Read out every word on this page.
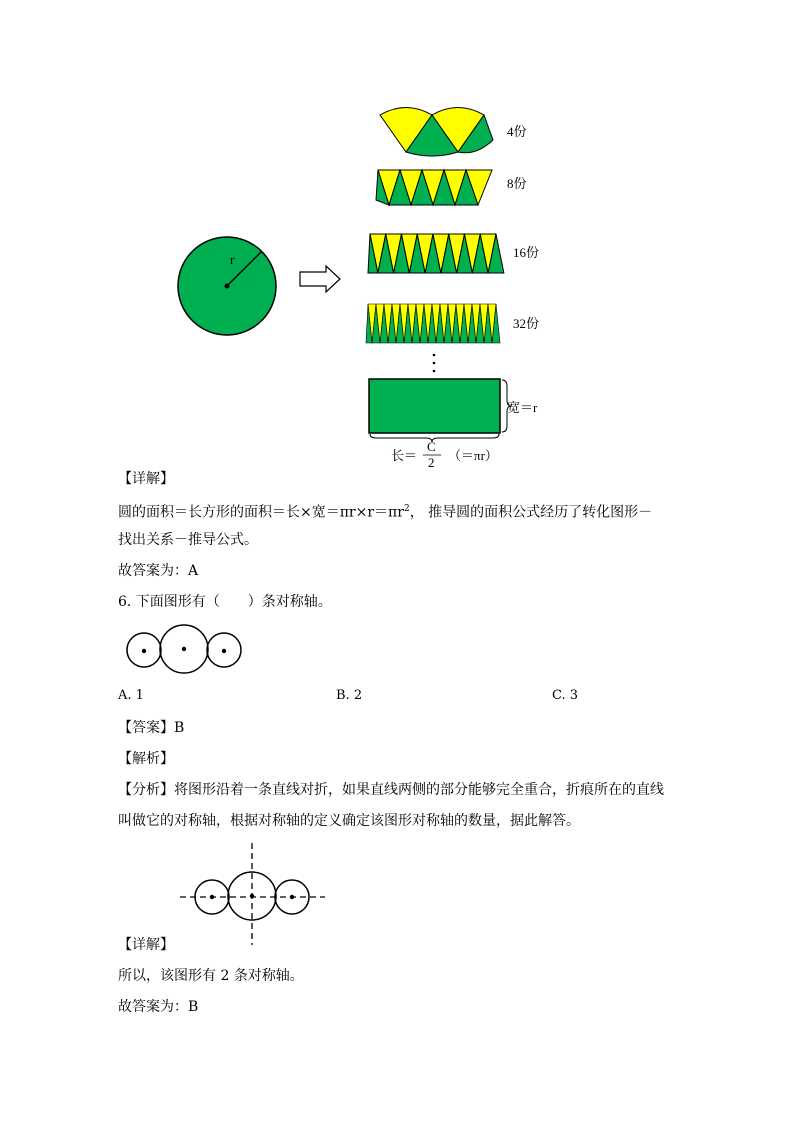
r
4份
8份
16份
32份
宽＝r
长＝
C
2 （＝πr）
【详解】
圆的面积＝长方形的面积＝长×宽$=\pi r\times r=\pi r^2$， 推导圆的面积公式经历了转化图形－
找出关系－推导公式。
故答案为：A
6. 下面图形有（　　）条对称轴。
A. 1	B. 2	C. 3
【答案】B
【解析】
【分析】将图形沿着一条直线对折，如果直线两侧的部分能够完全重合，折痕所在的直线
叫做它的对称轴，根据对称轴的定义确定该图形对称轴的数量，据此解答。
【详解】
所以，该图形有 2 条对称轴。
故答案为：B
